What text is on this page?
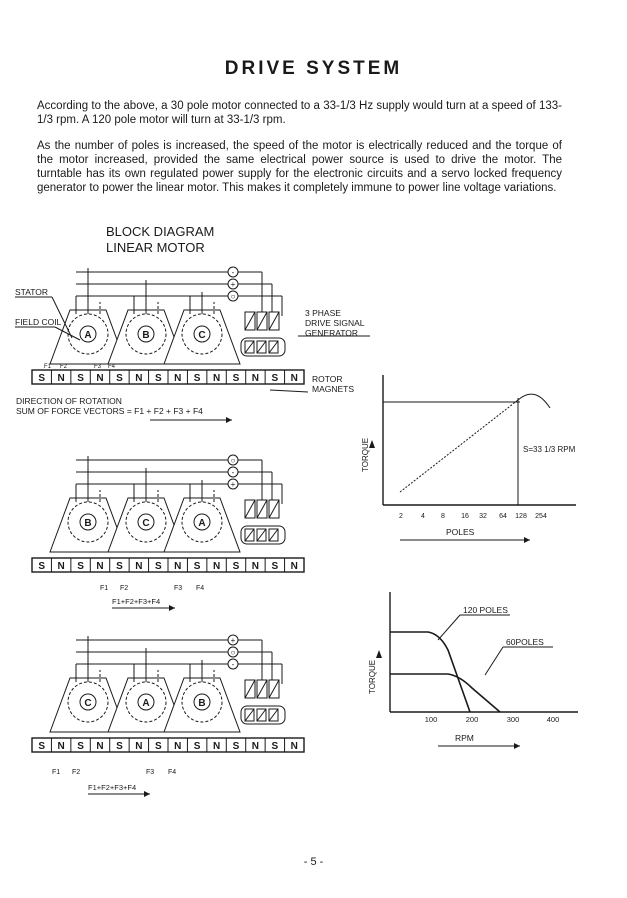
DRIVE SYSTEM
According to the above, a 30 pole motor connected to a 33-1/3 Hz supply would turn at a speed of 133-1/3 rpm. A 120 pole motor will turn at 33-1/3 rpm.
As the number of poles is increased, the speed of the motor is electrically reduced and the torque of the motor increased, provided the same electrical power source is used to drive the motor. The turntable has its own regulated power supply for the electronic circuits and a servo locked frequency generator to power the linear motor. This makes it completely immune to power line voltage variations.
BLOCK DIAGRAM
LINEAR MOTOR
A	B	C
-
+
○
S N S N S N S N S N S N S N
STATOR
FIELD COIL
3 PHASE
DRIVE SIGNAL
GENERATOR
ROTOR
MAGNETS
F1 F2	F3 F4
DIRECTION OF ROTATION
SUM OF FORCE VECTORS = F1 + F2 + F3 + F4
B	C	A
○
-
+
S N S N S N S N S N S N S N
F1 F2	F3 F4
F1+F2+F3+F4
C	A	B
+
○
-
S N S N S N S N S N S N S N
F1 F2	F3 F4
F1+F2+F3+F4
TORQUE
2	4 8 16 32 64 128 254
POLES
S=33 1/3 RPM
TORQUE
100	200	300	400
RPM
120 POLES
60POLES
- 5 -
